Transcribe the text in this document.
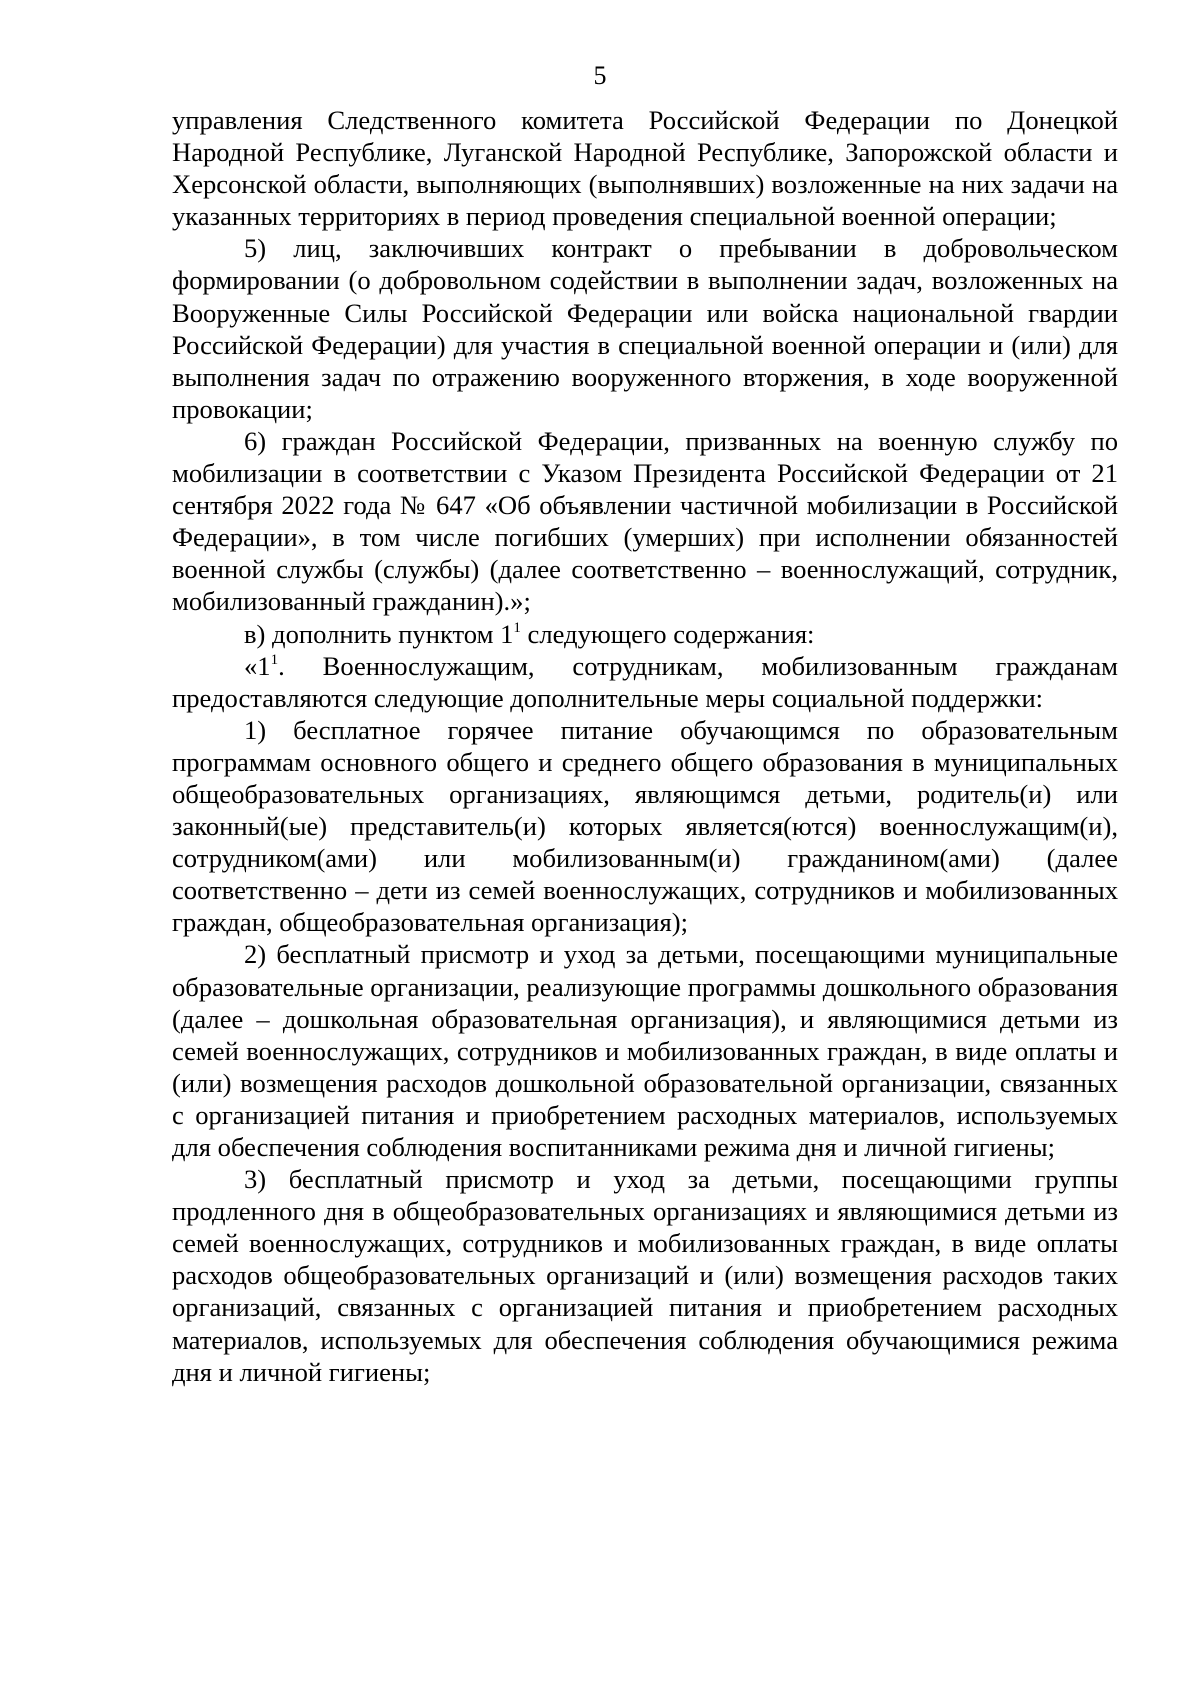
5

управления Следственного комитета Российской Федерации по Донецкой Народной Республике, Луганской Народной Республике, Запорожской области и Херсонской области, выполняющих (выполнявших) возложенные на них задачи на указанных территориях в период проведения специальной военной операции;

5) лиц, заключивших контракт о пребывании в добровольческом формировании (о добровольном содействии в выполнении задач, возложенных на Вооруженные Силы Российской Федерации или войска национальной гвардии Российской Федерации) для участия в специальной военной операции и (или) для выполнения задач по отражению вооруженного вторжения, в ходе вооруженной провокации;

6) граждан Российской Федерации, призванных на военную службу по мобилизации в соответствии с Указом Президента Российской Федерации от 21 сентября 2022 года № 647 «Об объявлении частичной мобилизации в Российской Федерации», в том числе погибших (умерших) при исполнении обязанностей военной службы (службы) (далее соответственно – военнослужащий, сотрудник, мобилизованный гражданин).»;

в) дополнить пунктом $1^1$ следующего содержания:

«$1^1$. Военнослужащим, сотрудникам, мобилизованным гражданам предоставляются следующие дополнительные меры социальной поддержки:

1) бесплатное горячее питание обучающимся по образовательным программам основного общего и среднего общего образования в муниципальных общеобразовательных организациях, являющимся детьми, родитель(и) или законный(ые) представитель(и) которых является(ются) военнослужащим(и), сотрудником(ами) или мобилизованным(и) гражданином(ами) (далее соответственно – дети из семей военнослужащих, сотрудников и мобилизованных граждан, общеобразовательная организация);

2) бесплатный присмотр и уход за детьми, посещающими муниципальные образовательные организации, реализующие программы дошкольного образования (далее – дошкольная образовательная организация), и являющимися детьми из семей военнослужащих, сотрудников и мобилизованных граждан, в виде оплаты и (или) возмещения расходов дошкольной образовательной организации, связанных с организацией питания и приобретением расходных материалов, используемых для обеспечения соблюдения воспитанниками режима дня и личной гигиены;

3) бесплатный присмотр и уход за детьми, посещающими группы продленного дня в общеобразовательных организациях и являющимися детьми из семей военнослужащих, сотрудников и мобилизованных граждан, в виде оплаты расходов общеобразовательных организаций и (или) возмещения расходов таких организаций, связанных с организацией питания и приобретением расходных материалов, используемых для обеспечения соблюдения обучающимися режима дня и личной гигиены;
